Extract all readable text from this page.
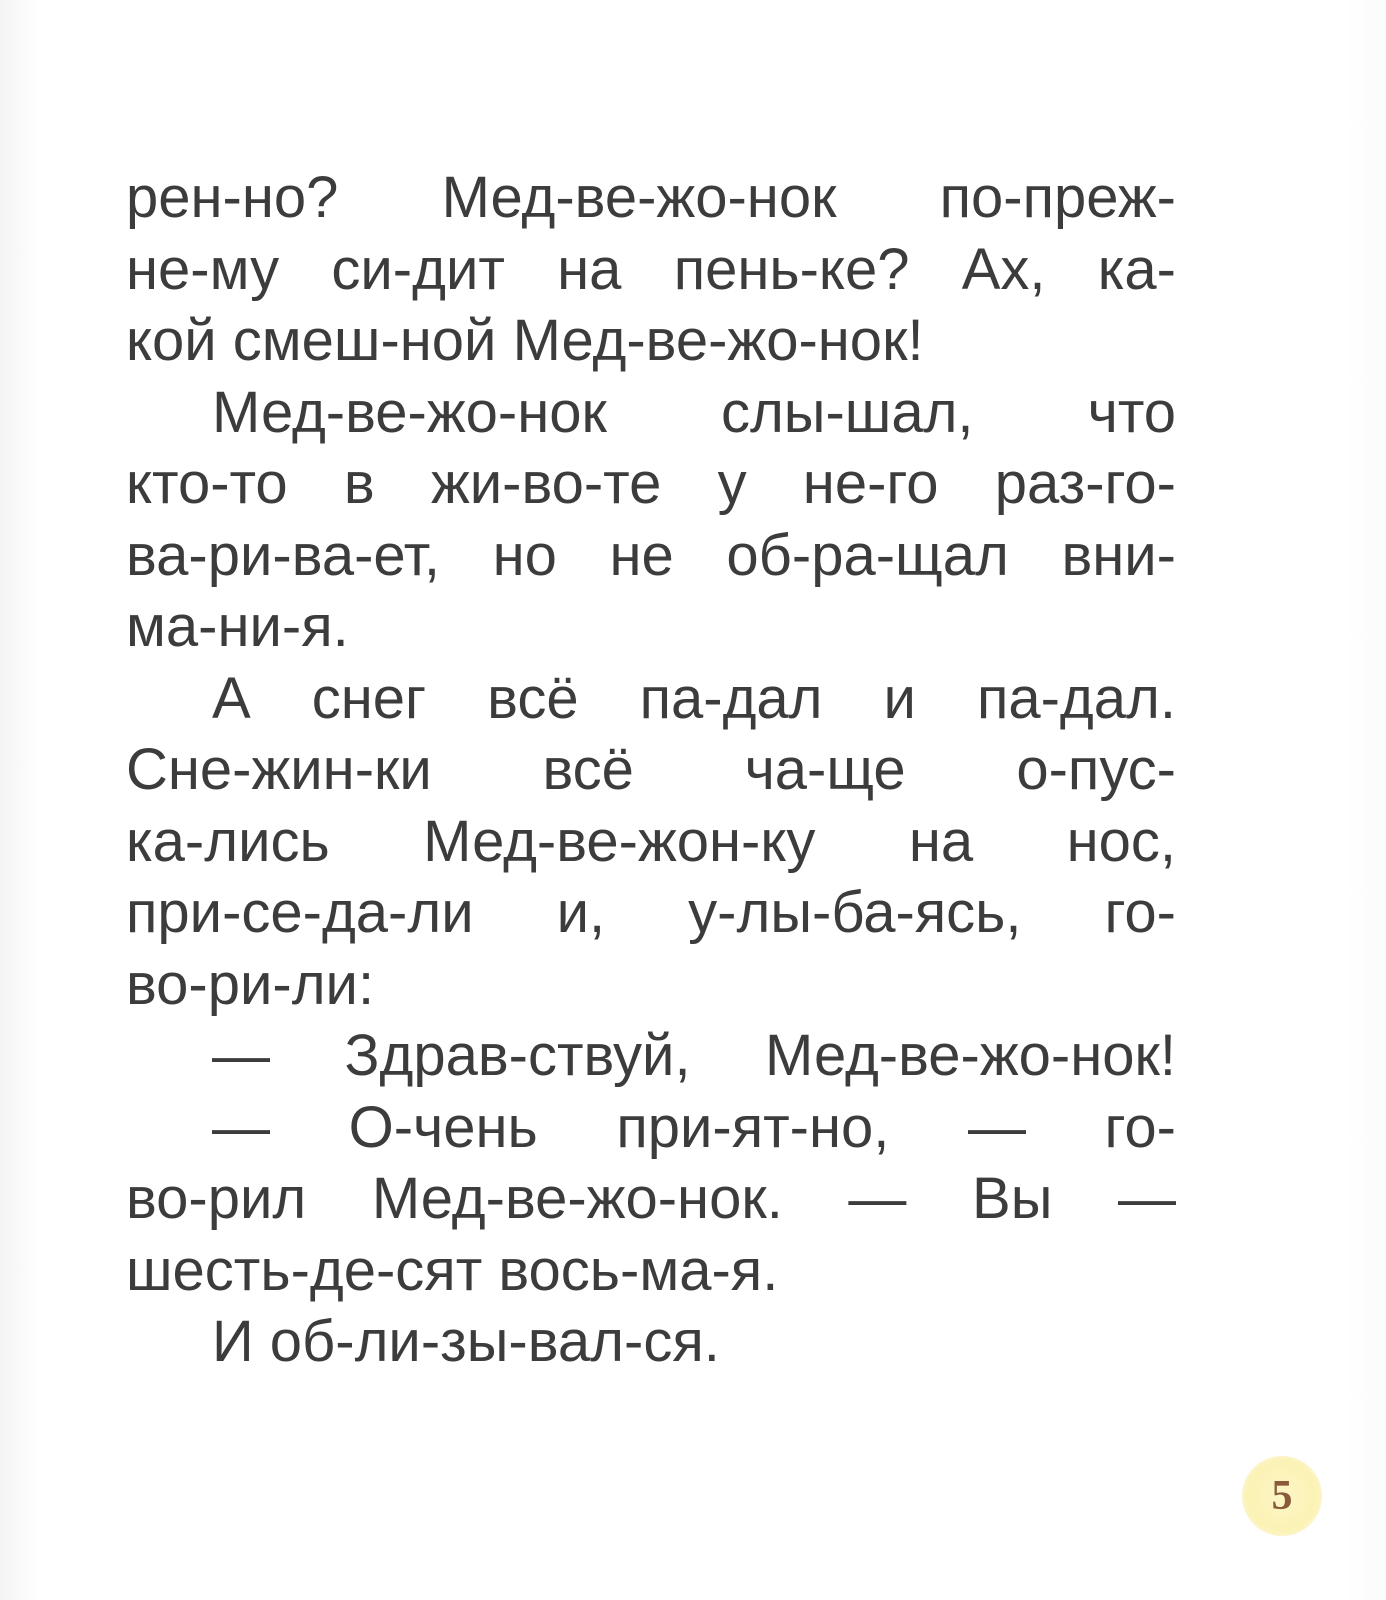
рен-но? Мед-ве-жо-нок по-преж-
не-му си-дит на пень-ке? Ах, ка-
кой смеш-ной Мед-ве-жо-нок!
Мед-ве-жо-нок слы-шал, что
кто-то в жи-во-те у не-го раз-го-
ва-ри-ва-ет, но не об-ра-щал вни-
ма-ни-я.
А снег всё па-дал и па-дал.
Сне-жин-ки всё ча-ще о-пус-
ка-лись Мед-ве-жон-ку на нос,
при-се-да-ли и, у-лы-ба-ясь, го-
во-ри-ли:
— Здрав-ствуй, Мед-ве-жо-нок!
— О-чень при-ят-но, — го-
во-рил Мед-ве-жо-нок. — Вы —
шесть-де-сят вось-ма-я.
И об-ли-зы-вал-ся.
5
